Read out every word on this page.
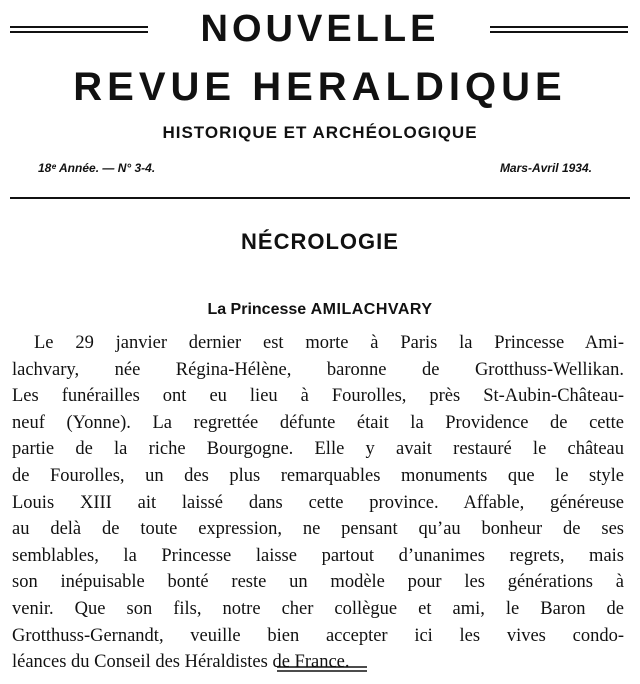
NOUVELLE
REVUE HERALDIQUE
HISTORIQUE ET ARCHÉOLOGIQUE
18ᵉ Année. — N° 3-4.	Mars-Avril 1934.
NÉCROLOGIE
La Princesse AMILACHVARY
Le 29 janvier dernier est morte à Paris la Princesse Ami-
lachvary, née Régina-Hélène, baronne de Grotthuss-Wellikan.
Les funérailles ont eu lieu à Fourolles, près St-Aubin-Château-
neuf (Yonne). La regrettée défunte était la Providence de cette
partie de la riche Bourgogne. Elle y avait restauré le château
de Fourolles, un des plus remarquables monuments que le style
Louis XIII ait laissé dans cette province. Affable, généreuse
au delà de toute expression, ne pensant qu’au bonheur de ses
semblables, la Princesse laisse partout d’unanimes regrets, mais
son inépuisable bonté reste un modèle pour les générations à
venir. Que son fils, notre cher collègue et ami, le Baron de
Grotthuss-Gernandt, veuille bien accepter ici les vives condo-
léances du Conseil des Héraldistes de France.
